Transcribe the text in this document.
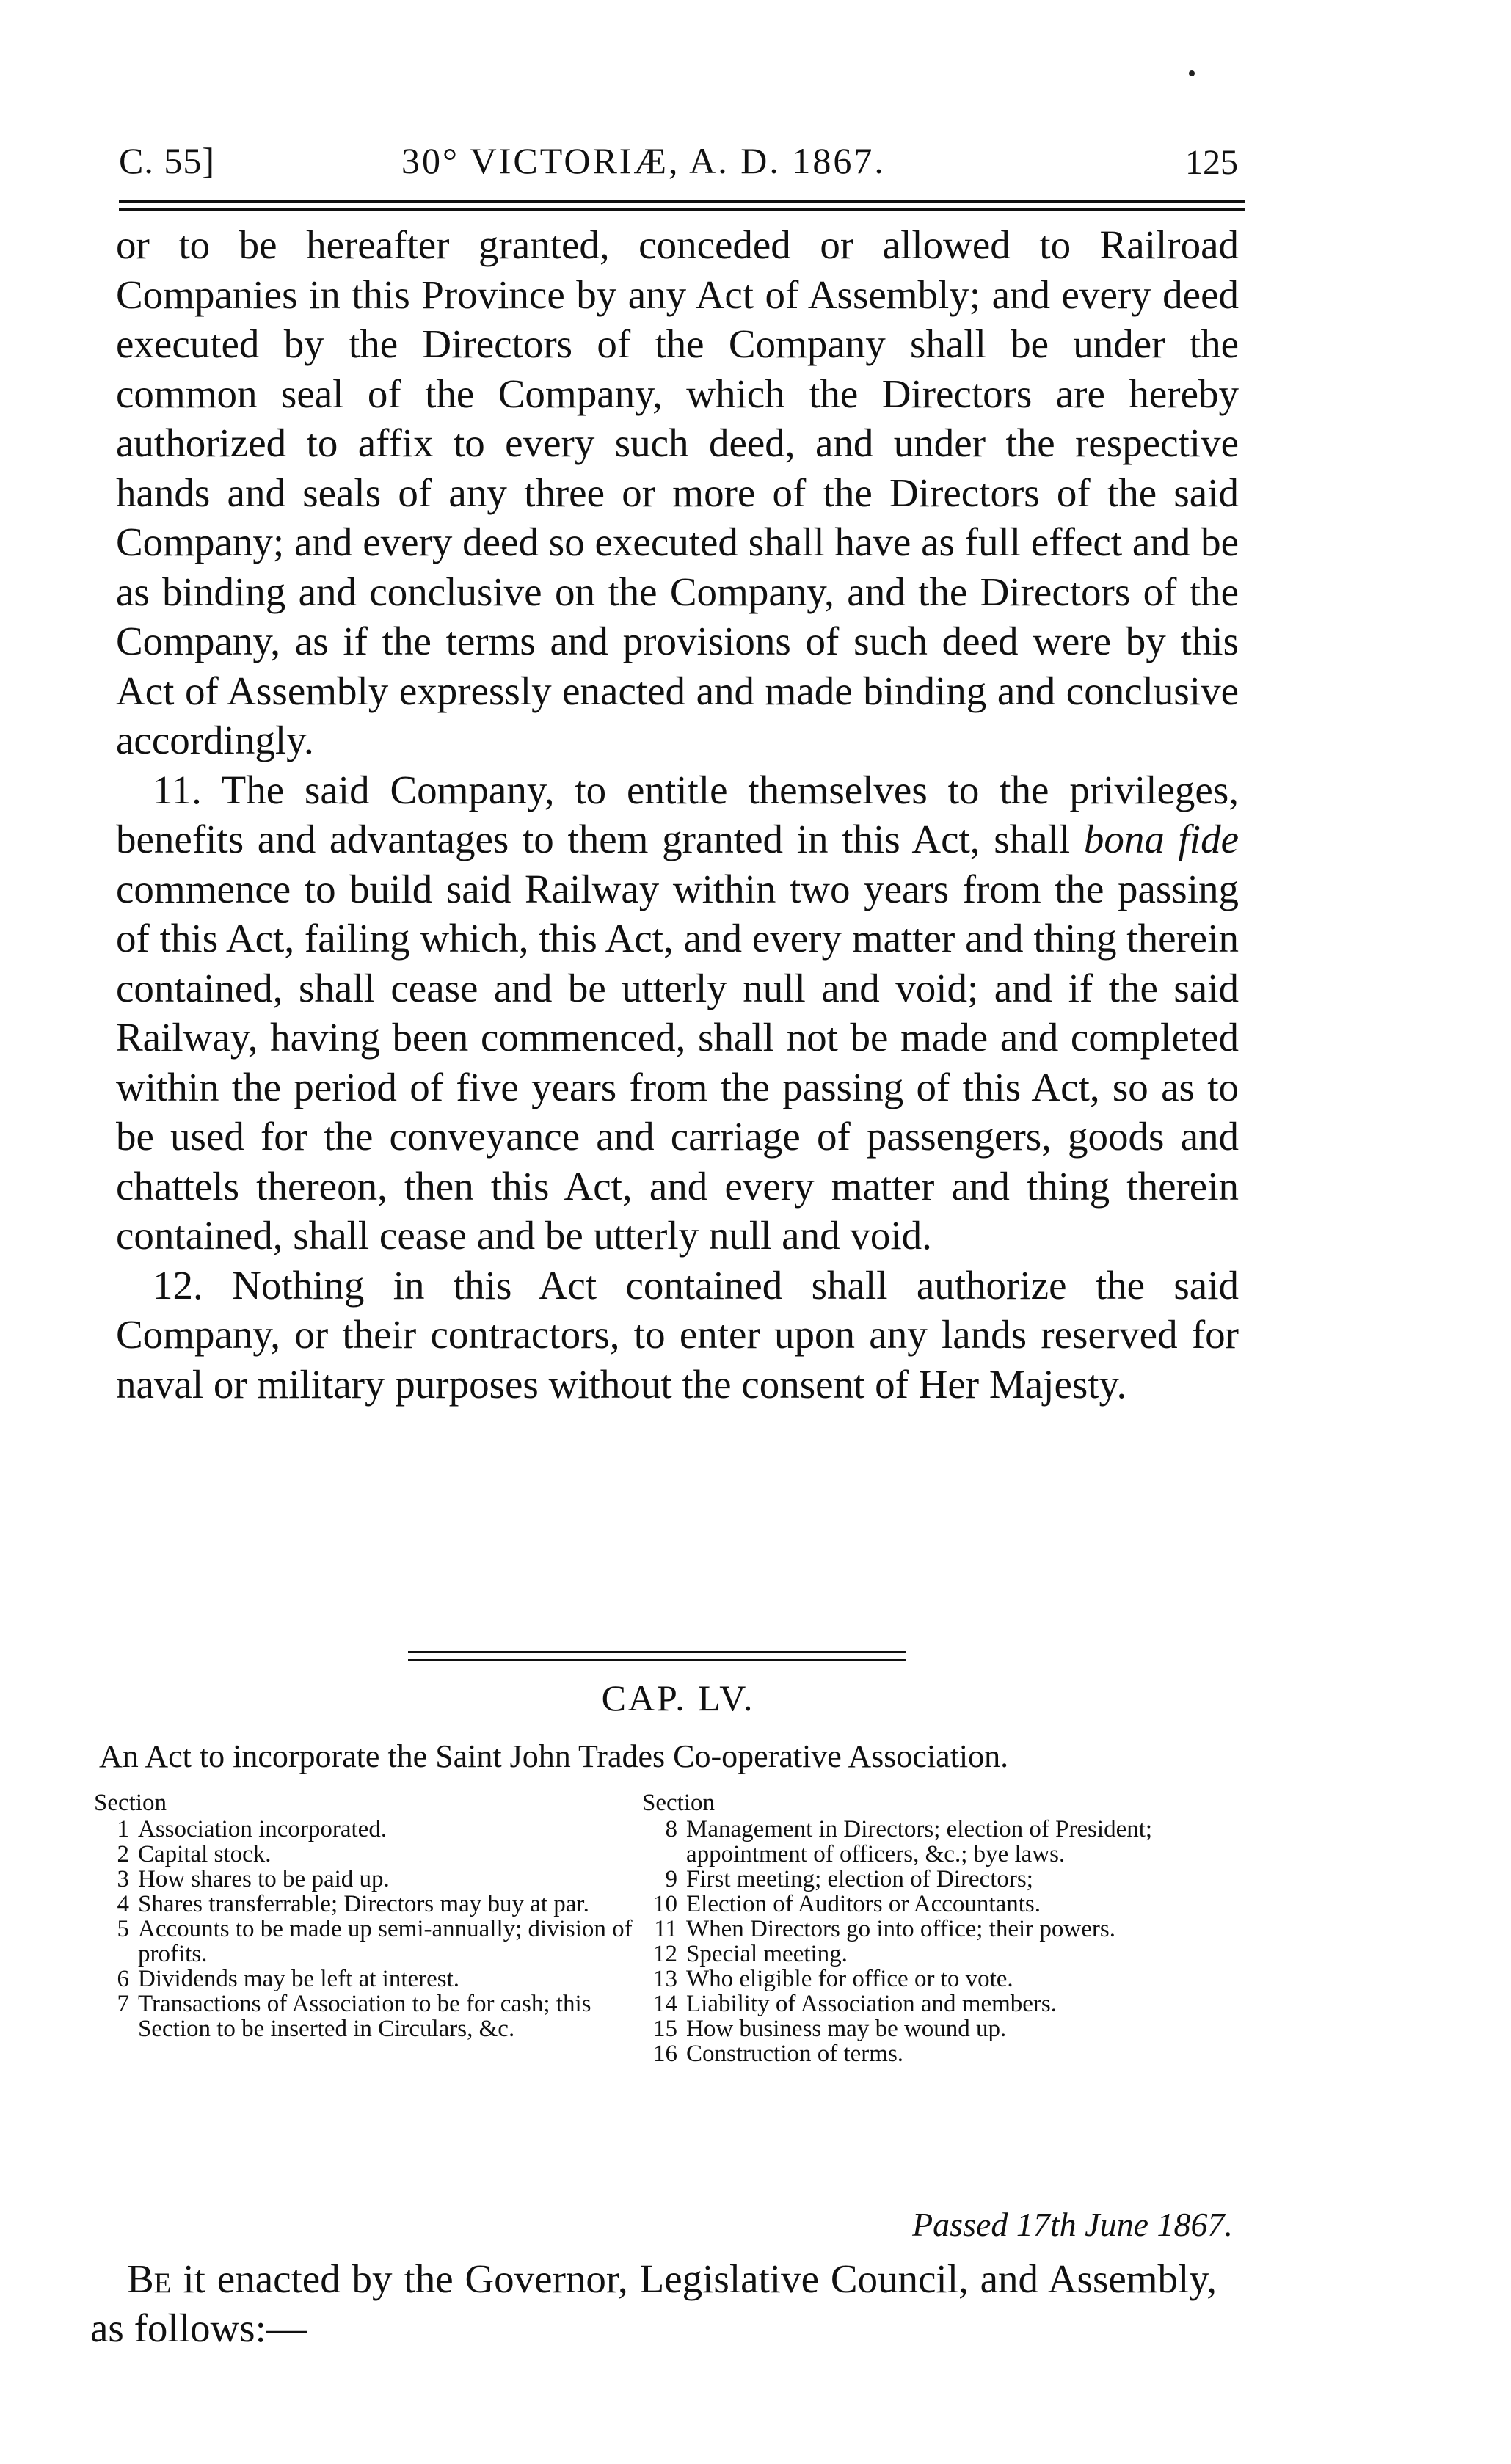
C. 55]	30° VICTORIÆ, A. D. 1867.	125

or to be hereafter granted, conceded or allowed to Railroad Companies in this Province by any Act of Assembly; and every deed executed by the Directors of the Company shall be under the common seal of the Company, which the Directors are hereby authorized to affix to every such deed, and under the respective hands and seals of any three or more of the Directors of the said Company; and every deed so executed shall have as full effect and be as binding and conclusive on the Company, and the Directors of the Company, as if the terms and provisions of such deed were by this Act of Assembly expressly enacted and made binding and conclusive accordingly.

11. The said Company, to entitle themselves to the privileges, benefits and advantages to them granted in this Act, shall bona fide commence to build said Railway within two years from the passing of this Act, failing which, this Act, and every matter and thing therein contained, shall cease and be utterly null and void; and if the said Railway, having been commenced, shall not be made and completed within the period of five years from the passing of this Act, so as to be used for the conveyance and carriage of passengers, goods and chattels thereon, then this Act, and every matter and thing therein contained, shall cease and be utterly null and void.

12. Nothing in this Act contained shall authorize the said Company, or their contractors, to enter upon any lands reserved for naval or military purposes without the consent of Her Majesty.

CAP. LV.
An Act to incorporate the Saint John Trades Co-operative Association.
Section
1 Association incorporated.
2 Capital stock.
3 How shares to be paid up.
4 Shares transferrable; Directors may buy at par.
5 Accounts to be made up semi-annually; division of profits.
6 Dividends may be left at interest.
7 Transactions of Association to be for cash; this Section to be inserted in Circulars, &c.
Section
8 Management in Directors; election of President; appointment of officers, &c.; bye laws.
9 First meeting; election of Directors;
10 Election of Auditors or Accountants.
11 When Directors go into office; their powers.
12 Special meeting.
13 Who eligible for office or to vote.
14 Liability of Association and members.
15 How business may be wound up.
16 Construction of terms.
Passed 17th June 1867.
Be it enacted by the Governor, Legislative Council, and Assembly, as follows:—
